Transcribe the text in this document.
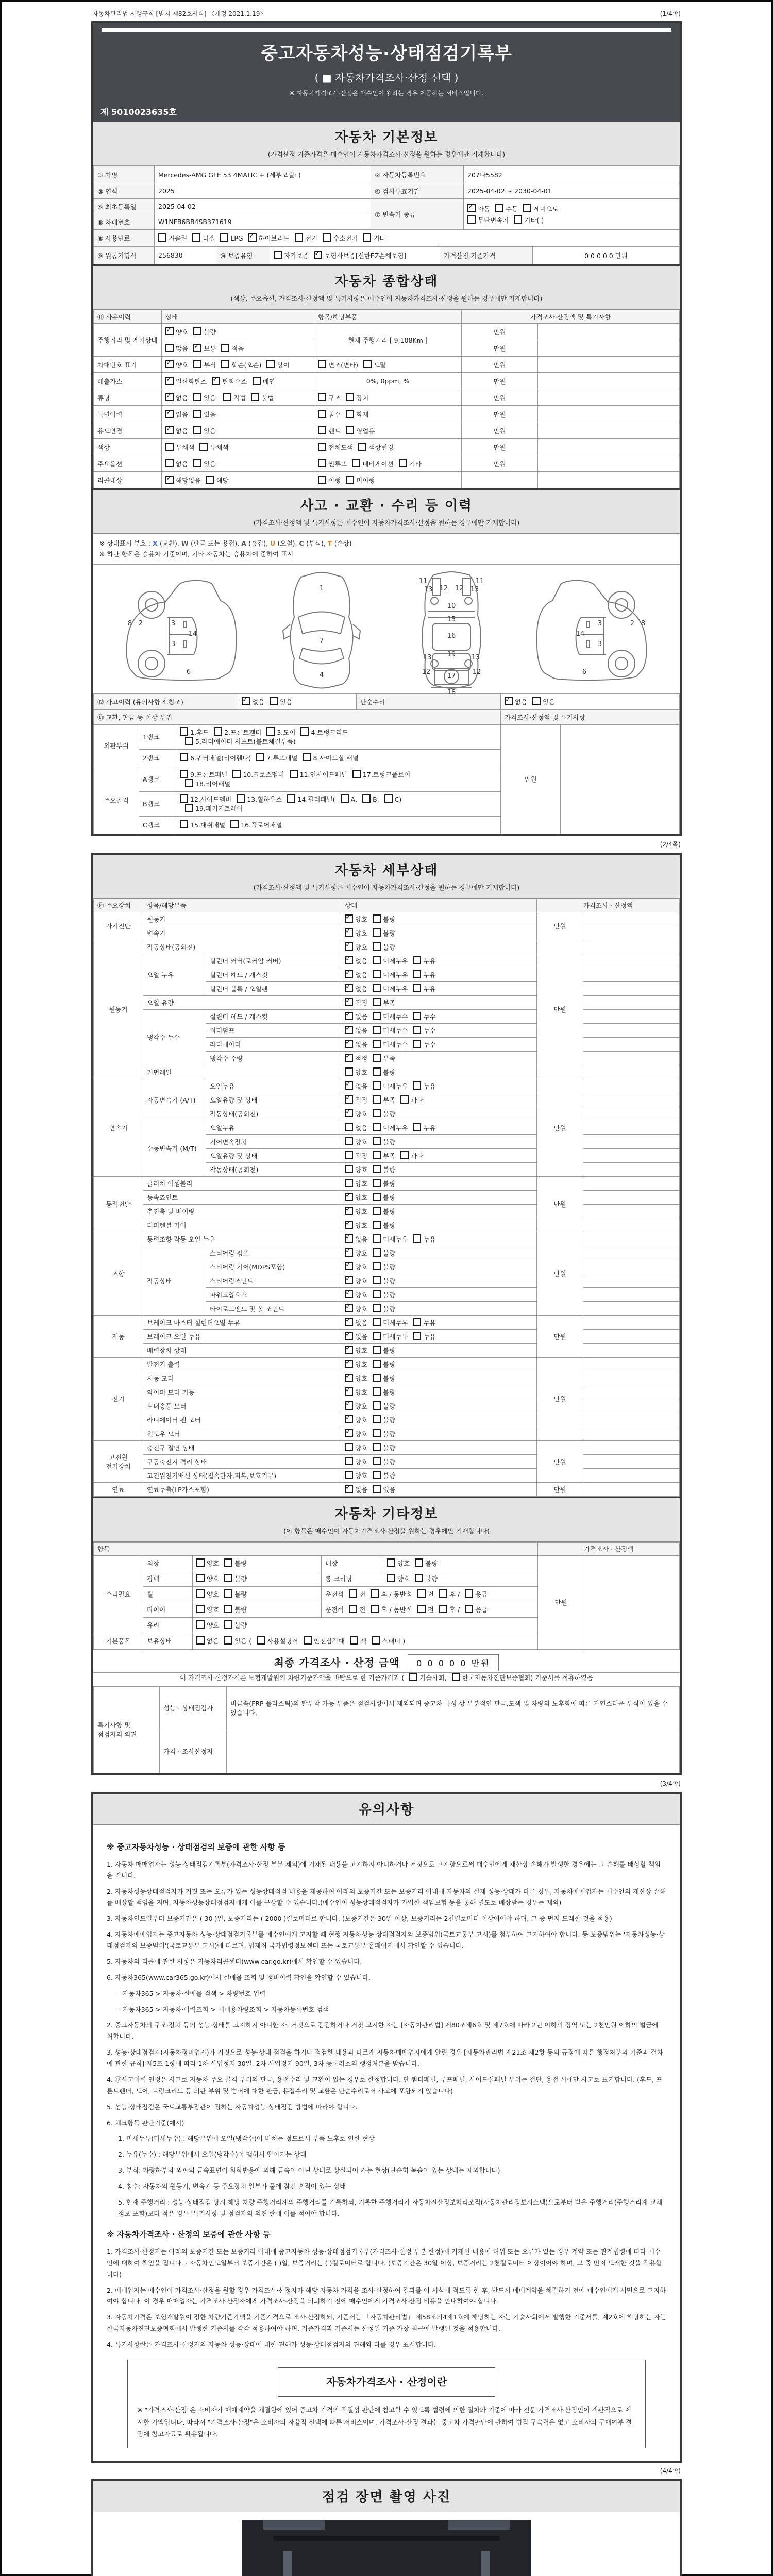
자동차관리법 시행규칙 [별지 제82호서식] 〈개정 2021.1.19〉	(1/4쪽)
중고자동차성능·상태점검기록부
( ■ 자동차가격조사·산정 선택 )
※ 자동차가격조사·산정은 매수인이 원하는 경우 제공하는 서비스입니다.
제 5010023635호
자동차 기본정보
(가격산정 기준가격은 매수인이 자동차가격조사·산정을 원하는 경우에만 기재합니다)
① 차명	Mercedes-AMG GLE 53 4MATIC + (세부모델: )	② 자동차등록번호	207나5582
③ 연식	2025	④ 검사유효기간	2025-04-02 ~ 2030-04-01
⑤ 최초등록일	2025-04-02	⑦ 변속기 종류	
✓자동 수동 세미오토
무단변속기 기타( )

⑥ 차대번호	W1NFB6BB4SB371619		
⑧ 사용연료	가솔린 디젤 LPG ✓ 하이브리드 전기 수소전기 기타
⑨ 원동기형식	256830	⑩ 보증유형	자가보증 ✓ 보험사보증[신한EZ손해보험]	가격산정 기준가격	0 0 0 0 0 만원
자동차 종합상태
(색상, 주요옵션, 가격조사·산정액 및 특기사항은 매수인이 자동차가격조사·산정을 원하는 경우에만 기재합니다)
⑪ 사용이력	상태	항목/해당부품	가격조사·산정액 및 특기사항	
주행거리 및 계기상태	✓양호 불량	현재 주행거리 [ 9,108Km ]	만원	
	많음 ✓ 보통 적음		만원	
차대번호 표기	✓양호 부식 훼손(오손) 상이	변조(변타) 도말	만원	
배출가스	✓일산화탄소 ✓ 탄화수소 매연	0%, 0ppm, %	만원	
튜닝	✓없음 있음 적법 불법	구조 장치	만원	
특별이력	✓없음 있음	침수 화재	만원	
용도변경	✓없음 있음	렌트 영업용	만원	
색상	무채색 유채색	전체도색 색상변경	만원	
주요옵션	없음 있음	썬루프 네비게이션 기타	만원	
리콜대상	✓해당없음 해당	이행 미이행		
사고 · 교환 · 수리 등 이력
(가격조사·산정액 및 특기사항은 매수인이 자동차가격조사·산정을 원하는 경우에만 기재합니다)
※ 상태표시 부호 : X (교환), W (판금 또는 용접), A (흠집), U (요철), C (부식), T (손상)
※ 하단 항목은 승용차 기준이며, 기타 자동차는 승용차에 준하여 표시
2
8	3
14
3
6
1
7
4
11
13 12 12 13
11
10
15
16
13 19 13
12
17
12
18
2 8
3
14
3
6
⑫ 사고이력 (유의사항 4.참조)	✓없음 있음	단순수리	✓없음 있음
⑬ 교환, 판금 등 이상 부위			가격조사·산정액 및 특기사항	
외판부위	1랭크	1.후드 2.프론트휀더 3.도어 4.트렁크리드
5.라디에이터 서포트(볼트체결부품)	만원	
	2랭크	6.쿼터패널(리어휀다) 7.루프패널 8.사이드실 패널		
주요골격	A랭크	9.프론트패널 10.크로스멤버 11.인사이드패널 17.트렁크플로어
18.리어패널		
	B랭크	12.사이드멤버 13.휠하우스 14.필러패널( A, B, C)
19.패키지트레이		
	C랭크	15.대쉬패널 16.플로어패널		
(2/4쪽)
자동차 세부상태
(가격조사·산정액 및 특기사항은 매수인이 자동차가격조사·산정을 원하는 경우에만 기재합니다)
⑭ 주요장치	항목/해당부품		상태	가격조사 · 산정액	
자기진단	원동기	✓양호 불량	만원	
	변속기	✓양호 불량	
원동기	작동상태(공회전)	✓양호 불량	만원	
	오일 누유	실린더 커버(로커암 커버)	✓없음 미세누유 누유	
		실린더 헤드 / 개스킷	✓없음 미세누유 누유	
		실린더 블록 / 오일팬	✓없음 미세누유 누유	
	오일 유량	✓적정 부족	
	냉각수 누수	실린더 헤드 / 개스킷	✓없음 미세누수 누수	
		워터펌프	✓없음 미세누수 누수	
		라디에이터	✓없음 미세누수 누수	
		냉각수 수량	✓적정 부족	
	커먼레일		양호 불량		
변속기	자동변속기 (A/T)	오일누유	✓없음 미세누유 누유	만원	
		오일유량 및 상태	✓적정 부족 과다	
		작동상태(공회전)	✓양호 불량	
	수동변속기 (M/T)	오일누유	없음 미세누유 누유		
		기어변속장치	양호 불량		
		오일유량 및 상태	적정 부족 과다		
		작동상태(공회전)	양호 불량		
동력전달	클러치 어셈블리		양호 불량	만원	
	등속죠인트	✓양호 불량	
	추진축 및 베어링	✓양호 불량	
	디퍼렌셜 기어	✓양호 불량	
조향	동력조향 작동 오일 누유	✓없음 미세누유 누유	만원	
	작동상태	스티어링 펌프	✓양호 불량	
		스티어링 기어(MDPS포함)	✓양호 불량	
		스티어링조인트	✓양호 불량	
		파워고압호스	✓양호 불량	
		타이로드엔드 및 볼 조인트	✓양호 불량	
제동	브레이크 마스터 실린더오일 누유	✓없음 미세누유 누유	만원	
	브레이크 오일 누유	✓없음 미세누유 누유	
	배력장치 상태	✓양호 불량	
전기	발전기 출력	✓양호 불량	만원	
	시동 모터	✓양호 불량	
	와이퍼 모터 기능	✓양호 불량	
	실내송풍 모터	✓양호 불량	
	라디에이터 팬 모터	✓양호 불량	
	윈도우 모터	✓양호 불량	
고전원 전기장치	충전구 절연 상태		양호 불량	만원	
	구동축전지 격리 상태		양호 불량		
	고전원전기배선 상태(접속단자,피복,보호기구)		양호 불량		
연료	연료누출(LP가스포함)	✓없음 있음	만원	
자동차 기타정보
(이 항목은 매수인이 자동차가격조사·산정을 원하는 경우에만 기재합니다)
항목					가격조사 · 산정액	
수리필요	외장	양호 불량	내장	양호 불량	만원	
	광택	양호 불량	룸 크리닝	양호 불량		
	휠	양호 불량	운전석 전 후 / 동반석 전 후 / 응급			
	타이어	양호 불량	운전석 전 후 / 동반석 전 후 / 응급			
	유리	양호 불량				
기본품목	보유상태	없음 있음 ( 사용설명서 안전삼각대 잭 스패너 )				
최종 가격조사 · 산정 금액 0 0 0 0 0 만원
이 가격조사·산정가격은 보험개발원의 차량기준가액을 바탕으로 한 기준가격과 ( 기술사회, 한국자동차진단보증협회) 기준서를 적용하였음
특기사항 및 점검자의 의견	성능 · 상태점검자	비금속(FRP 플라스틱)의 탈부착 가능 부품은 점검사항에서 제외되며 중고차 특성 상 부분적인 판금,도색 및 차량의 노후화에 따른 자연스러운 부식이 있을 수 있습니다.
	가격 · 조사산정자	
(3/4쪽)
유의사항
※ 중고자동차성능 · 상태점검의 보증에 관한 사항 등

1. 자동차 매매업자는 성능·상태점검기록부(가격조사·산정 부분 제외)에 기재된 내용을 고지하지 아니하거나 거짓으로 고지함으로써 매수인에게 재산상 손해가 발생한 경우에는 그 손해를 배상할 책임을 집니다.

2. 자동차성능상태점검자가 거짓 또는 오류가 있는 성능상태점검 내용을 제공하여 아래의 보증기간 또는 보증거리 이내에 자동차의 실제 성능·상태가 다른 경우, 자동차매매업자는 매수인의 재산상 손해를 배상할 책임을 지며, 자동차성능상태점검자에게 이를 구상할 수 있습니다.(매수인이 성능상태점검자가 가입한 책임보험 등을 통해 별도로 배상받는 경우는 제외)

3. 자동차인도일부터 보증기간은 ( 30 )일, 보증거리는 ( 2000 )킬로미터로 합니다. (보증기간은 30일 이상, 보증거리는 2천킬로미터 이상이어야 하며, 그 중 먼저 도래한 것을 적용)

4. 자동차매매업자는 중고자동차 성능·상태점검기록부를 매수인에게 고지할 때 현행 자동차성능·상태점검자의 보증범위(국토교통부 고시)를 첨부하여 고지하여야 합니다. 동 보증범위는 '자동차성능·상태점검자의 보증범위'(국토교통부 고시)에 따르며, 법제처 국가법령정보센터 또는 국토교통부 홈페이지에서 확인할 수 있습니다.

5. 자동차의 리콜에 관한 사항은 자동차리콜센터(www.car.go.kr)에서 확인할 수 있습니다.

6. 자동차365(www.car365.go.kr)에서 실매물 조회 및 정비이력 확인을 확인할 수 있습니다.

- 자동차365 > 자동차·실매물 검색 > 차량번호 입력

- 자동차365 > 자동차·이력조회 > 매매용차량조회 > 자동차등록번호 검색

2. 중고자동차의 구조·장치 등의 성능·상태를 고지하지 아니한 자, 거짓으로 점검하거나 거짓 고지한 자는 [자동차관리법] 제80조제6호 및 제7호에 따라 2년 이하의 징역 또는 2천만원 이하의 벌금에 처합니다.

3. 성능·상태점검자(자동차정비업자)가 거짓으로 성능·상태 점검을 하거나 점검한 내용과 다르게 자동차매매업자에게 알린 경우 [자동차관리법 제21조 제2항 등의 규정에 따른 행정처분의 기준과 절차에 관한 규칙] 제5조 1항에 따라 1차 사업정지 30일, 2차 사업정지 90일, 3차 등록취소의 행정처분을 받습니다.

4. ⑫사고이력 인정은 사고로 자동차 주요 골격 부위의 판금, 용접수리 및 교환이 있는 경우로 한정합니다. 단 쿼터패널, 루프패널, 사이드실패널 부위는 절단, 용접 시에만 사고로 표기합니다. (후드, 프론트펜더, 도어, 트렁크리드 등 외판 부위 및 범퍼에 대한 판금, 용접수리 및 교환은 단순수리로서 사고에 포함되지 않습니다)

5. 성능·상태점검은 국토교통부장관이 정하는 자동차성능·상태점검 방법에 따라야 합니다.

6. 체크항목 판단기준(예시)

1. 미세누유(미세누수) : 해당부위에 오일(냉각수)이 비치는 정도로서 부품 노후로 인한 현상

2. 누유(누수) : 해당부위에서 오일(냉각수)이 맺혀서 떨어지는 상태

3. 부식: 차량하부와 외판의 금속표면이 화학반응에 의해 금속이 아닌 상태로 상실되어 가는 현상(단순히 녹슬어 있는 상태는 제외합니다)

4. 침수: 자동차의 원동기, 변속기 등 주요장치 일부가 물에 잠긴 흔적이 있는 상태

5. 현재 주행거리 : 성능·상태점검 당시 해당 차량 주행거리계의 주행거리를 기록하되, 기록한 주행거리가 자동차전산정보처리조직(자동차관리정보시스템)으로부터 받은 주행거리(주행거리계 교체 정보 포함)보다 적은 경우 '특기사항 및 점검자의 의견'란에 이를 적어야 합니다.

※ 자동차가격조사 · 산정의 보증에 관한 사항 등

1. 가격조사·산정자는 아래의 보증기간 또는 보증거리 이내에 중고자동차 성능·상태점검기록부(가격조사·산정 부분 한정)에 기재된 내용에 허위 또는 오류가 있는 경우 계약 또는 관계법령에 따라 매수인에 대하여 책임을 집니다. · 자동차인도일부터 보증기간은 ( )일, 보증거리는 ( )킬로미터로 합니다. (보증기간은 30일 이상, 보증거리는 2천킬로미터 이상이어야 하며, 그 중 먼저 도래한 것을 적용합니다)

2. 매매업자는 매수인이 가격조사·산정을 원할 경우 가격조사·산정자가 해당 자동차 가격을 조사·산정하여 결과를 이 서식에 적도록 한 후, 반드시 매매계약을 체결하기 전에 매수인에게 서면으로 고지하여야 합니다. 이 경우 매매업자는 가격조사·산정자에게 가격조사·산정을 의뢰하기 전에 매수인에게 가격조사·산정 비용을 안내하여야 합니다.

3. 자동차가격은 보험개발원이 정한 차량기준가액을 기준가격으로 조사·산정하되, 기준서는 「자동차관리법」 제58조의4제1호에 해당하는 자는 기술사회에서 발행한 기준서를, 제2호에 해당하는 자는 한국자동차진단보증협회에서 발행한 기준서를 각각 적용하여야 하며, 기준가격과 기준서는 산정일 기준 가장 최근에 발행된 것을 적용합니다.

4. 특기사항란은 가격조사·산정자의 자동차 성능·상태에 대한 견해가 성능·상태점검자의 견해와 다를 경우 표시합니다.

자동차가격조사 · 산정이란
※ "가격조사·산정"은 소비자가 매매계약을 체결함에 있어 중고차 가격의 적절성 판단에 참고할 수 있도록 법령에 의한 절차와 기준에 따라 전문 가격조사·산정인이 객관적으로 제시한 가액입니다. 따라서 "가격조사·산정"은 소비자의 자율적 선택에 따른 서비스이며, 가격조사·산정 결과는 중고차 가격판단에 관하여 법적 구속력은 없고 소비자의 구매여부 결정에 참고자료로 활용됩니다.
(4/4쪽)
점검 장면 촬영 사진
